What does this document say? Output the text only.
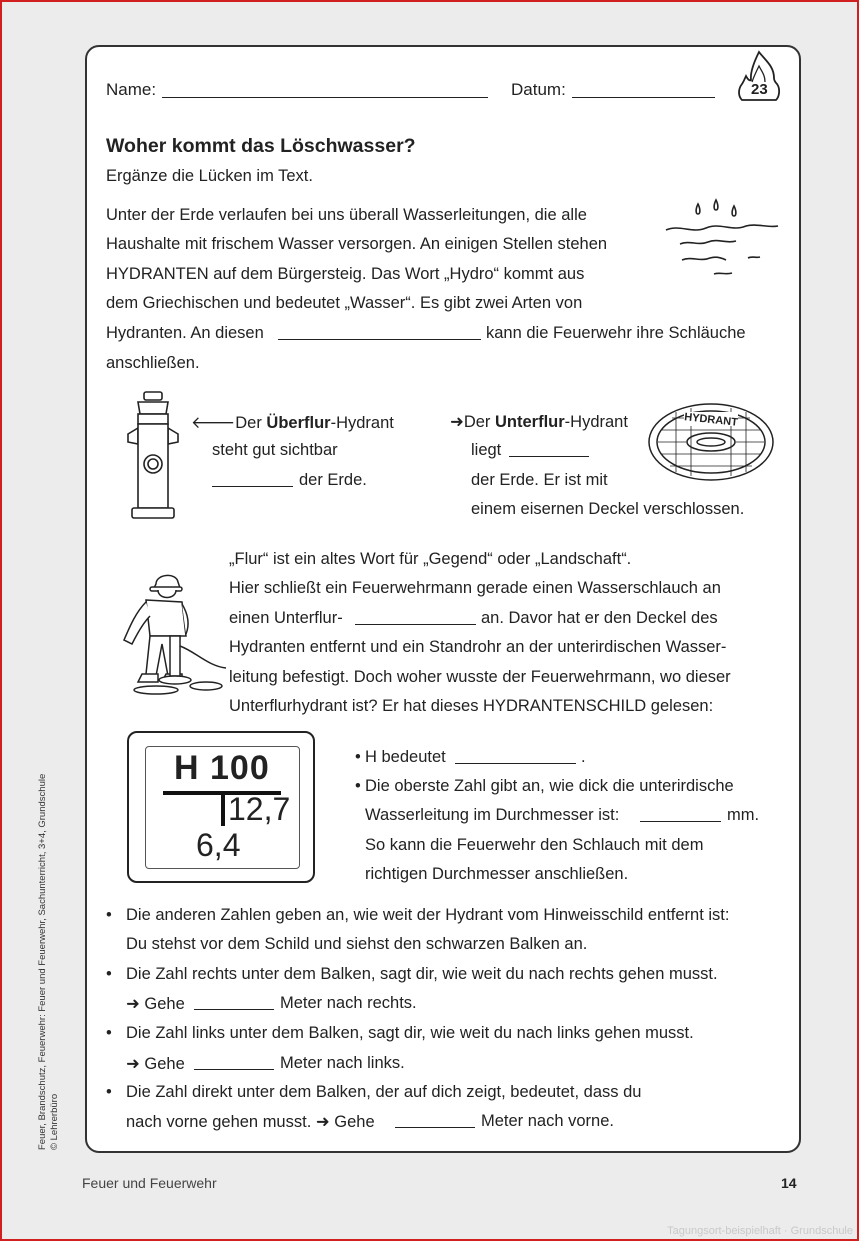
Name:	Datum:	23
Woher kommt das Löschwasser?
Ergänze die Lücken im Text.
Unter der Erde verlaufen bei uns überall Wasserleitungen, die alle
Haushalte mit frischem Wasser versorgen. An einigen Stellen stehen
HYDRANTEN auf dem Bürgersteig. Das Wort „Hydro“ kommt aus
dem Griechischen und bedeutet „Wasser“. Es gibt zwei Arten von
Hydranten. An diesen	kann die Feuerwehr ihre Schläuche
anschließen.
🡐Der Überflur-Hydrant
steht gut sichtbar
der Erde.
➜Der Unterflur-Hydrant
liegt
der Erde. Er ist mit
einem eisernen Deckel verschlossen.
HYDRANT
„Flur“ ist ein altes Wort für „Gegend“ oder „Landschaft“.
Hier schließt ein Feuerwehrmann gerade einen Wasserschlauch an
einen Unterflur-	an. Davor hat er den Deckel des
Hydranten entfernt und ein Standrohr an der unterirdischen Wasser-
leitung befestigt. Doch woher wusste der Feuerwehrmann, wo dieser
Unterflurhydrant ist? Er hat dieses HYDRANTENSCHILD gelesen:
H 100
12,7
6,4
• H bedeutet	.
• Die oberste Zahl gibt an, wie dick die unterirdische
Wasserleitung im Durchmesser ist:	mm.
So kann die Feuerwehr den Schlauch mit dem
richtigen Durchmesser anschließen.
• Die anderen Zahlen geben an, wie weit der Hydrant vom Hinweisschild entfernt ist:
Du stehst vor dem Schild und siehst den schwarzen Balken an.
• Die Zahl rechts unter dem Balken, sagt dir, wie weit du nach rechts gehen musst.
➜ Gehe	Meter nach rechts.
• Die Zahl links unter dem Balken, sagt dir, wie weit du nach links gehen musst.
➜ Gehe	Meter nach links.
• Die Zahl direkt unter dem Balken, der auf dich zeigt, bedeutet, dass du
nach vorne gehen musst. ➜ Gehe	Meter nach vorne.
Feuer, Brandschutz, Feuerwehr: Feuer und Feuerwehr, Sachunterricht, 3+4, Grundschule © Lehrerbüro
Feuer und Feuerwehr	14
Tagungsort-beispielhaft · Grundschule
